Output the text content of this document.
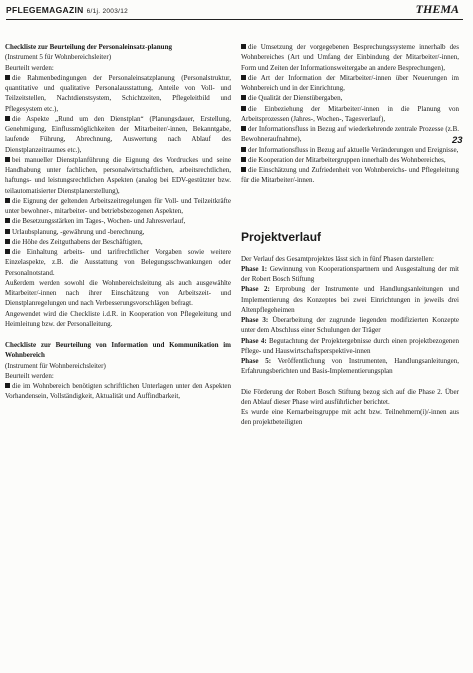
PFLEGEMAGAZIN 6/1j. 2003/12	THEMA
23

Checkliste zur Beurteilung der Personaleinsatz-planung

(Instrument 5 für Wohnbereichsleiter)

Beurteilt werden:

die Rahmenbedingungen der Personaleinsatzplanung (Personalstruktur, quantitative und qualitative Personalausstattung, Anteile von Voll- und Teilzeitstellen, Nachtdienstsystem, Schichtzeiten, Pflegeleitbild und Pflegesystem etc.),

die Aspekte „Rund um den Dienstplan“ (Planungsdauer, Erstellung, Genehmigung, Einflussmöglichkeiten der Mitarbeiter/-innen, Bekanntgabe, laufende Führung, Abrechnung, Auswertung nach Ablauf des Dienstplanzeitraumes etc.),

bei manueller Dienstplanführung die Eignung des Vordruckes und seine Handhabung unter fachlichen, personalwirtschaftlichen, arbeitsrechtlichen, haftungs- und leistungsrechtlichen Aspekten (analog bei EDV-gestützter bzw. teilautomatisierter Dienstplanerstellung),

die Eignung der geltenden Arbeitszeitregelungen für Voll- und Teilzeitkräfte unter bewohner-, mitarbeiter- und betriebsbezogenen Aspekten,

die Besetzungsstärken im Tages-, Wochen- und Jahresverlauf,

Urlaubsplanung, -gewährung und -berechnung,

die Höhe des Zeitguthabens der Beschäftigten,

die Einhaltung arbeits- und tarifrechtlicher Vorgaben sowie weitere Einzelaspekte, z.B. die Ausstattung von Belegungsschwankungen oder Personalnotstand.

Außerdem werden sowohl die Wohnbereichsleitung als auch ausgewählte Mitarbeiter/-innen nach ihrer Einschätzung von Arbeitszeit- und Dienstplanregelungen und nach Verbesserungsvorschlägen befragt.

Angewendet wird die Checkliste i.d.R. in Kooperation von Pflegeleitung und Heimleitung bzw. der Personalleitung.

Checkliste zur Beurteilung von Information und Kommunikation im Wohnbereich

(Instrument für Wohnbereichsleiter)

Beurteilt werden:

die im Wohnbereich benötigten schriftlichen Unterlagen unter den Aspekten Vorhandensein, Vollständigkeit, Aktualität und Auffindbarkeit,

die Umsetzung der vorgegebenen Besprechungssysteme innerhalb des Wohnbereiches (Art und Umfang der Einbindung der Mitarbeiter/-innen, Form und Zeiten der Informationsweitergabe an andere Besprechungen),

die Art der Information der Mitarbeiter/-innen über Neuerungen im Wohnbereich und in der Einrichtung,

die Qualität der Dienstübergaben,

die Einbeziehung der Mitarbeiter/-innen in die Planung von Arbeitsprozessen (Jahres-, Wochen-, Tagesverlauf),

der Informationsfluss in Bezug auf wiederkehrende zentrale Prozesse (z.B. Bewohneraufnahme),

der Informationsfluss in Bezug auf aktuelle Veränderungen und Ereignisse,

die Kooperation der Mitarbeitergruppen innerhalb des Wohnbereiches,

die Einschätzung und Zufriedenheit von Wohnbereichs- und Pflegeleitung für die Mitarbeiter/-innen.

Projektverlauf

Der Verlauf des Gesamtprojektes lässt sich in fünf Phasen darstellen:

Phase 1: Gewinnung von Kooperationspartnern und Ausgestaltung der mit der Robert Bosch Stiftung

Phase 2: Erprobung der Instrumente und Handlungsanleitungen und Implementierung des Konzeptes bei zwei Einrichtungen in jeweils drei Altenpflegeheimen

Phase 3: Überarbeitung der zugrunde liegenden modifizierten Konzepte unter dem Abschluss einer Schulungen der Träger

Phase 4: Begutachtung der Projektergebnisse durch einen projektbezogenen Pflege- und Hauswirtschaftsperspektive-innen

Phase 5: Veröffentlichung von Instrumenten, Handlungsanleitungen, Erfahrungsberichten und Basis-Implementierungsplan

Die Förderung der Robert Bosch Stiftung bezog sich auf die Phase 2. Über den Ablauf dieser Phase wird ausführlicher berichtet.

Es wurde eine Kernarbeitsgruppe mit acht bzw. Teilnehmern(i)/-innen aus den projektbeteiligten
